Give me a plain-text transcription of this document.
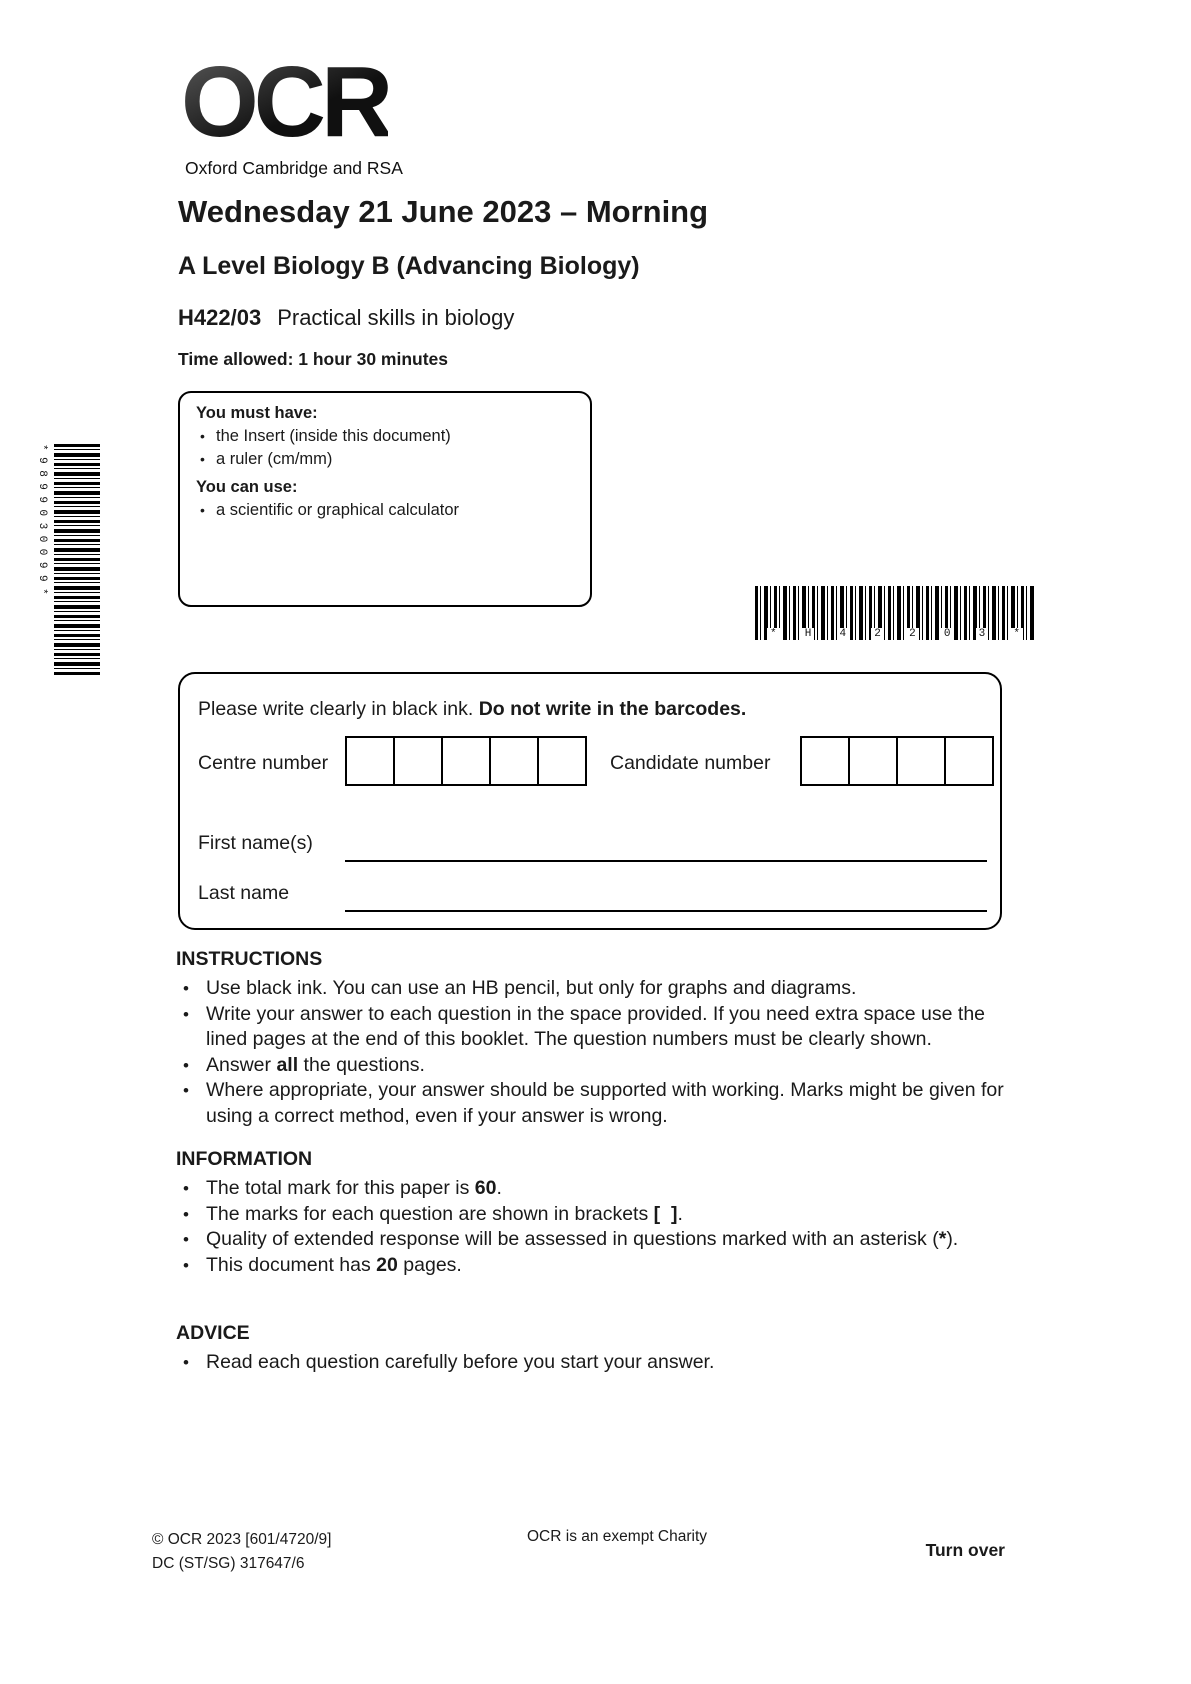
OCR
Oxford Cambridge and RSA
Wednesday 21 June 2023 – Morning
A Level Biology B (Advancing Biology)
H422/03 Practical skills in biology
Time allowed: 1 hour 30 minutes
You must have:
• the Insert (inside this document)
• a ruler (cm/mm)
You can use:
• a scientific or graphical calculator
*9899030099*
*	H	4	2	2	0	3	*
Please write clearly in black ink. Do not write in the barcodes.
Centre number	Candidate number
First name(s)
Last name
INSTRUCTIONS
• Use black ink. You can use an HB pencil, but only for graphs and diagrams.
• Write your answer to each question in the space provided. If you need extra space use the lined pages at the end of this booklet. The question numbers must be clearly shown.
• Answer all the questions.
• Where appropriate, your answer should be supported with working. Marks might be given for using a correct method, even if your answer is wrong.
INFORMATION
• The total mark for this paper is 60.
• The marks for each question are shown in brackets [  ].
• Quality of extended response will be assessed in questions marked with an asterisk (*).
• This document has 20 pages.
ADVICE
• Read each question carefully before you start your answer.
© OCR 2023 [601/4720/9]
DC (ST/SG) 317647/6
OCR is an exempt Charity
Turn over
